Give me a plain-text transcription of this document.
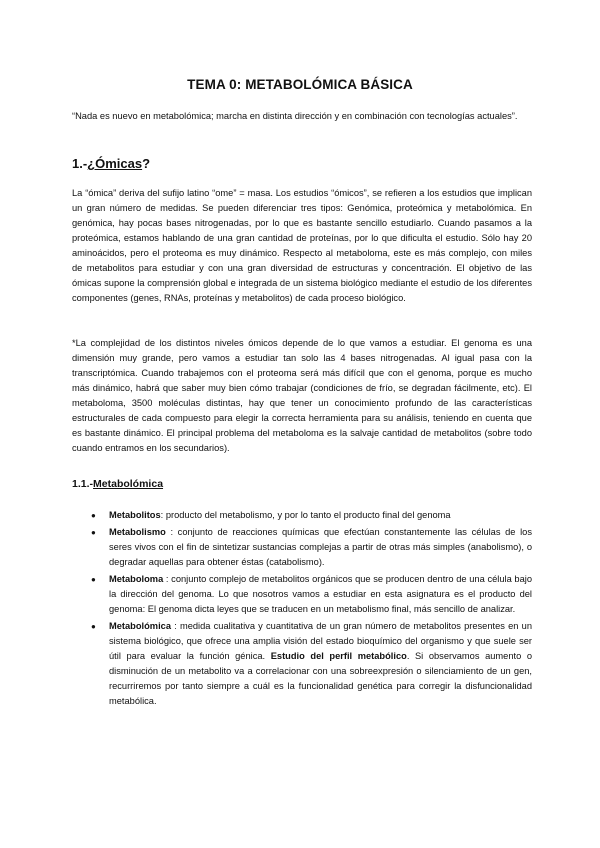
TEMA 0: METABOLÓMICA BÁSICA
“Nada es nuevo en metabolómica; marcha en distinta dirección y en combinación con tecnologías actuales”.
1.-¿Ómicas?
La “ómica” deriva del sufijo latino “ome” = masa. Los estudios “ómicos”, se refieren a los estudios que implican un gran número de medidas. Se pueden diferenciar tres tipos: Genómica, proteómica y metabolómica. En genómica, hay pocas bases nitrogenadas, por lo que es bastante sencillo estudiarlo. Cuando pasamos a la proteómica, estamos hablando de una gran cantidad de proteínas, por lo que dificulta el estudio. Sólo hay 20 aminoácidos, pero el proteoma es muy dinámico. Respecto al metaboloma, este es más complejo, con miles de metabolitos para estudiar y con una gran diversidad de estructuras y concentración. El objetivo de las ómicas supone la comprensión global e integrada de un sistema biológico mediante el estudio de los diferentes componentes (genes, RNAs, proteínas y metabolitos) de cada proceso biológico.
*La complejidad de los distintos niveles ómicos depende de lo que vamos a estudiar. El genoma es una dimensión muy grande, pero vamos a estudiar tan solo las 4 bases nitrogenadas. Al igual pasa con la transcriptómica. Cuando trabajemos con el proteoma será más difícil que con el genoma, porque es mucho más dinámico, habrá que saber muy bien cómo trabajar (condiciones de frío, se degradan fácilmente, etc). El metaboloma, 3500 moléculas distintas, hay que tener un conocimiento profundo de las características estructurales de cada compuesto para elegir la correcta herramienta para su análisis, teniendo en cuenta que es bastante dinámico. El principal problema del metaboloma es la salvaje cantidad de metabolitos (sobre todo cuando entramos en los secundarios).
1.1.-Metabolómica
● Metabolitos: producto del metabolismo, y por lo tanto el producto final del genoma
● Metabolismo : conjunto de reacciones químicas que efectúan constantemente las células de los seres vivos con el fin de sintetizar sustancias complejas a partir de otras más simples (anabolismo), o degradar aquellas para obtener éstas (catabolismo).
● Metaboloma : conjunto complejo de metabolitos orgánicos que se producen dentro de una célula bajo la dirección del genoma. Lo que nosotros vamos a estudiar en esta asignatura es el producto del genoma: El genoma dicta leyes que se traducen en un metabolismo final, más sencillo de analizar.
● Metabolómica : medida cualitativa y cuantitativa de un gran número de metabolitos presentes en un sistema biológico, que ofrece una amplia visión del estado bioquímico del organismo y que suele ser útil para evaluar la función génica. Estudio del perfil metabólico. Si observamos aumento o disminución de un metabolito va a correlacionar con una sobreexpresión o silenciamiento de un gen, recurriremos por tanto siempre a cuál es la funcionalidad genética para corregir la disfuncionalidad metabólica.
